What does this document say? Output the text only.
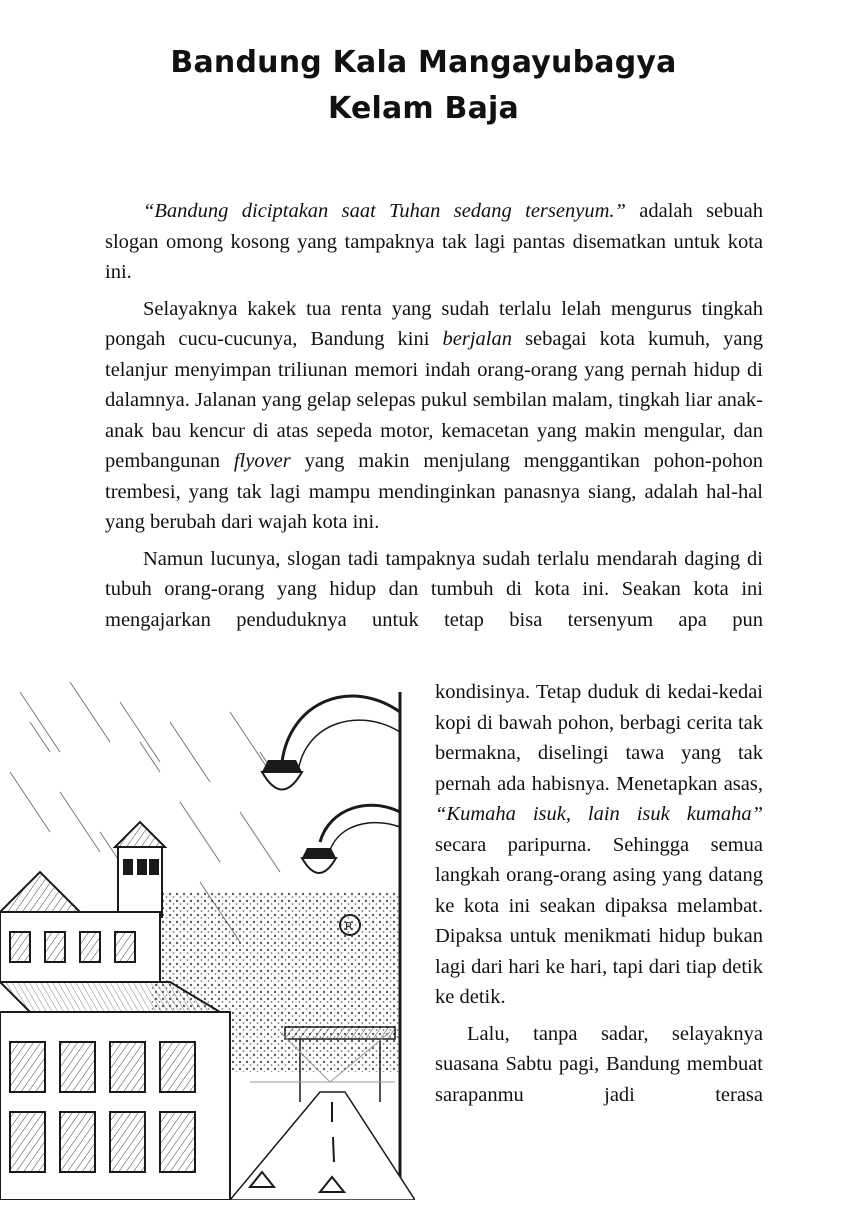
Bandung Kala Mangayubagya
Kelam Baja

“Bandung diciptakan saat Tuhan sedang tersenyum.” adalah sebuah slogan omong kosong yang tampaknya tak lagi pantas disematkan untuk kota ini.

Selayaknya kakek tua renta yang sudah terlalu lelah mengurus tingkah pongah cucu-cucunya, Bandung kini berjalan sebagai kota kumuh, yang telanjur menyimpan triliunan memori indah orang-orang yang pernah hidup di dalamnya. Jalanan yang gelap selepas pukul sembilan malam, tingkah liar anak-anak bau kencur di atas sepeda motor, kemacetan yang makin mengular, dan pembangunan flyover yang makin menjulang menggantikan pohon-pohon trembesi, yang tak lagi mampu mendinginkan panasnya siang, adalah hal-hal yang berubah dari wajah kota ini.

Namun lucunya, slogan tadi tampaknya sudah terlalu mendarah daging di tubuh orang-orang yang hidup dan tumbuh di kota ini. Seakan kota ini mengajarkan penduduknya untuk tetap bisa tersenyum apa pun

kondisinya. Tetap duduk di kedai-kedai kopi di bawah pohon, berbagi cerita tak bermakna, diselingi tawa yang tak pernah ada habisnya. Menetapkan asas, “Kumaha isuk, lain isuk kumaha” secara paripurna. Sehingga semua langkah orang-orang asing yang datang ke kota ini seakan dipaksa melambat. Dipaksa untuk menikmati hidup bukan lagi dari hari ke hari, tapi dari tiap detik ke detik.

Lalu, tanpa sadar, selayaknya suasana Sabtu pagi, Bandung membuat sarapanmu jadi terasa
